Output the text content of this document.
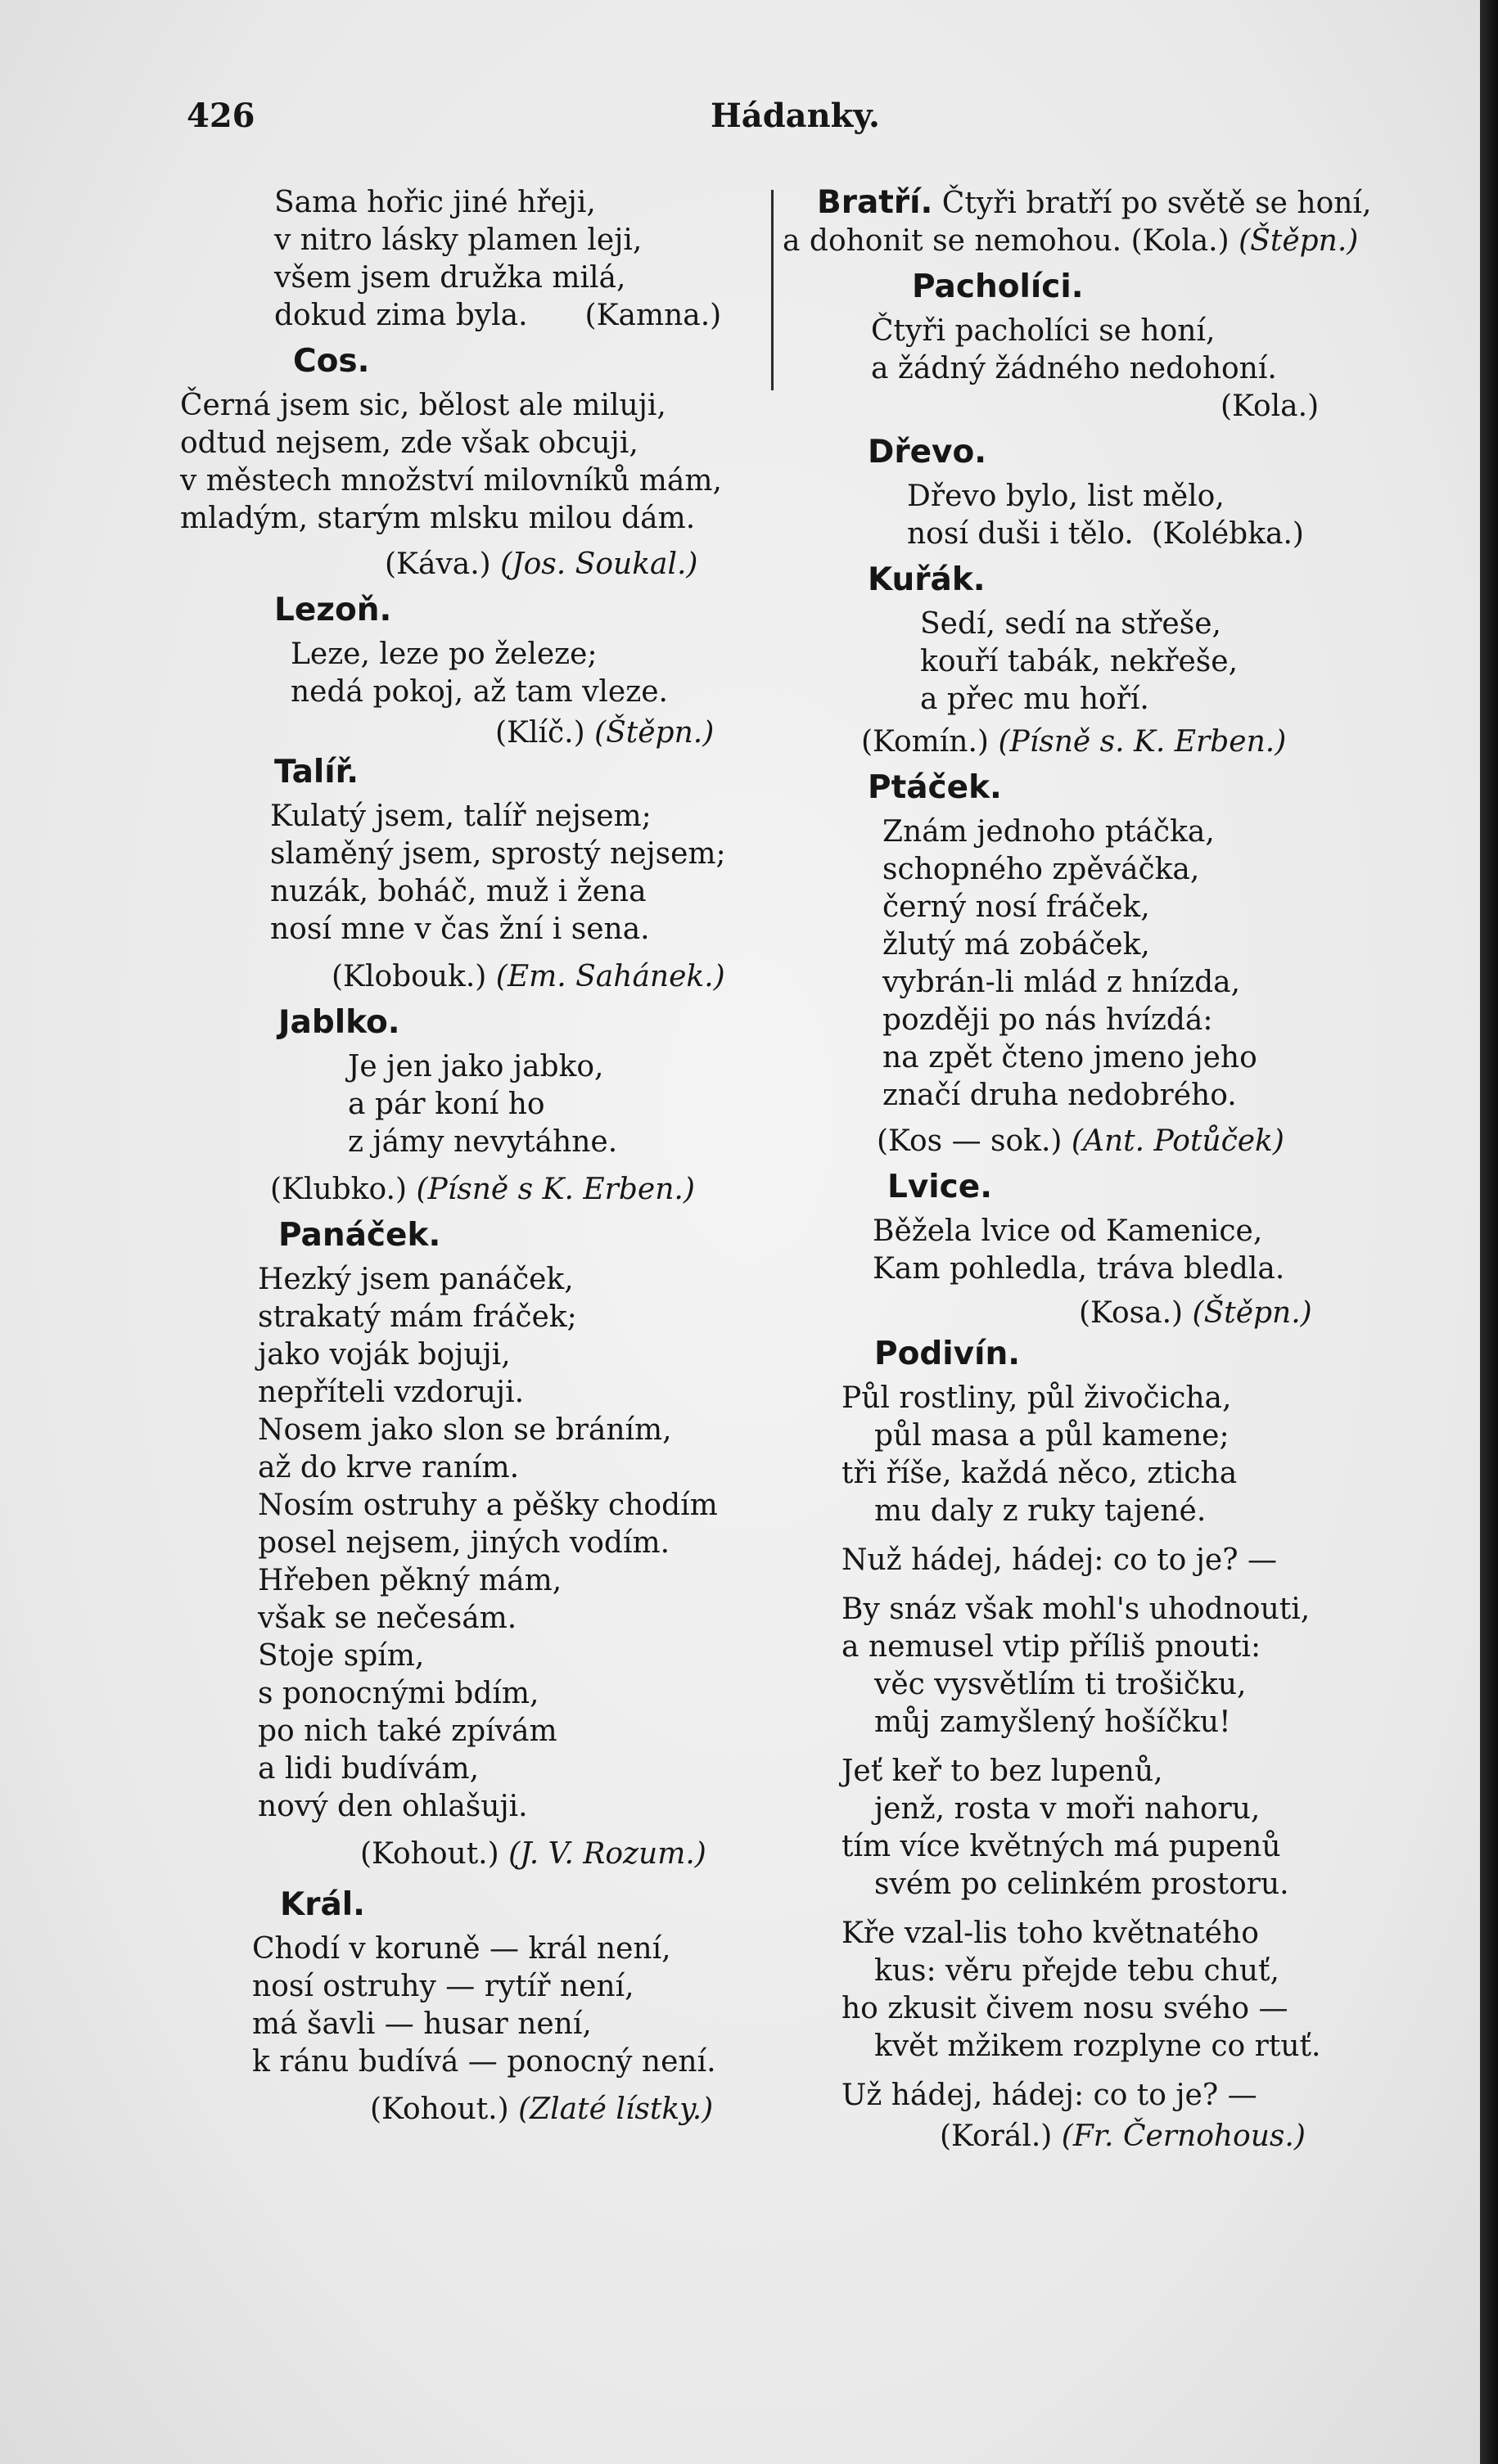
426	Hádanky.
Sama hořic jiné hřeji,
v nitro lásky plamen leji,
všem jsem družka milá,
dokud zima byla. (Kamna.)
Cos.
Černá jsem sic, bělost ale miluji,
odtud nejsem, zde však obcuji,
v městech množství milovníků mám,
mladým, starým mlsku milou dám.
(Káva.) (Jos. Soukal.)
Lezoň.
Leze, leze po železe;
nedá pokoj, až tam vleze.
(Klíč.) (Štěpn.)
Talíř.
Kulatý jsem, talíř nejsem;
slaměný jsem, sprostý nejsem;
nuzák, boháč, muž i žena
nosí mne v čas žní i sena.
(Klobouk.) (Em. Sahánek.)
Jablko.
Je jen jako jabko,
a pár koní ho
z jámy nevytáhne.
(Klubko.) (Písně s K. Erben.)
Panáček.
Hezký jsem panáček,
strakatý mám fráček;
jako voják bojuji,
nepříteli vzdoruji.
Nosem jako slon se bráním,
až do krve raním.
Nosím ostruhy a pěšky chodím
posel nejsem, jiných vodím.
Hřeben pěkný mám,
však se nečesám.
Stoje spím,
s ponocnými bdím,
po nich také zpívám
a lidi budívám,
nový den ohlašuji.
(Kohout.) (J. V. Rozum.)
Král.
Chodí v koruně — král není,
nosí ostruhy — rytíř není,
má šavli — husar není,
k ránu budívá — ponocný není.
(Kohout.) (Zlaté lístky.)
Bratří. Čtyři bratří po světě se honí,
a dohonit se nemohou. (Kola.) (Štěpn.)
Pacholíci.
Čtyři pacholíci se honí,
a žádný žádného nedohoní.
(Kola.)
Dřevo.
Dřevo bylo, list mělo,
nosí duši i tělo. (Kolébka.)
Kuřák.
Sedí, sedí na střeše,
kouří tabák, nekřeše,
a přec mu hoří.
(Komín.) (Písně s. K. Erben.)
Ptáček.
Znám jednoho ptáčka,
schopného zpěváčka,
černý nosí fráček,
žlutý má zobáček,
vybrán-li mlád z hnízda,
později po nás hvízdá:
na zpět čteno jmeno jeho
značí druha nedobrého.
(Kos — sok.) (Ant. Potůček)
Lvice.
Běžela lvice od Kamenice,
Kam pohledla, tráva bledla.
(Kosa.) (Štěpn.)
Podivín.
Půl rostliny, půl živočicha,
půl masa a půl kamene;
tři říše, každá něco, zticha
mu daly z ruky tajené.
Nuž hádej, hádej: co to je? —
By snáz však mohl's uhodnouti,
a nemusel vtip příliš pnouti:
věc vysvětlím ti trošičku,
můj zamyšlený hošíčku!
Jeť keř to bez lupenů,
jenž, rosta v moři nahoru,
tím více květných má pupenů
svém po celinkém prostoru.
Kře vzal-lis toho květnatého
kus: věru přejde tebu chuť,
ho zkusit čivem nosu svého —
květ mžikem rozplyne co rtuť.
Už hádej, hádej: co to je? —
(Korál.) (Fr. Černohous.)
